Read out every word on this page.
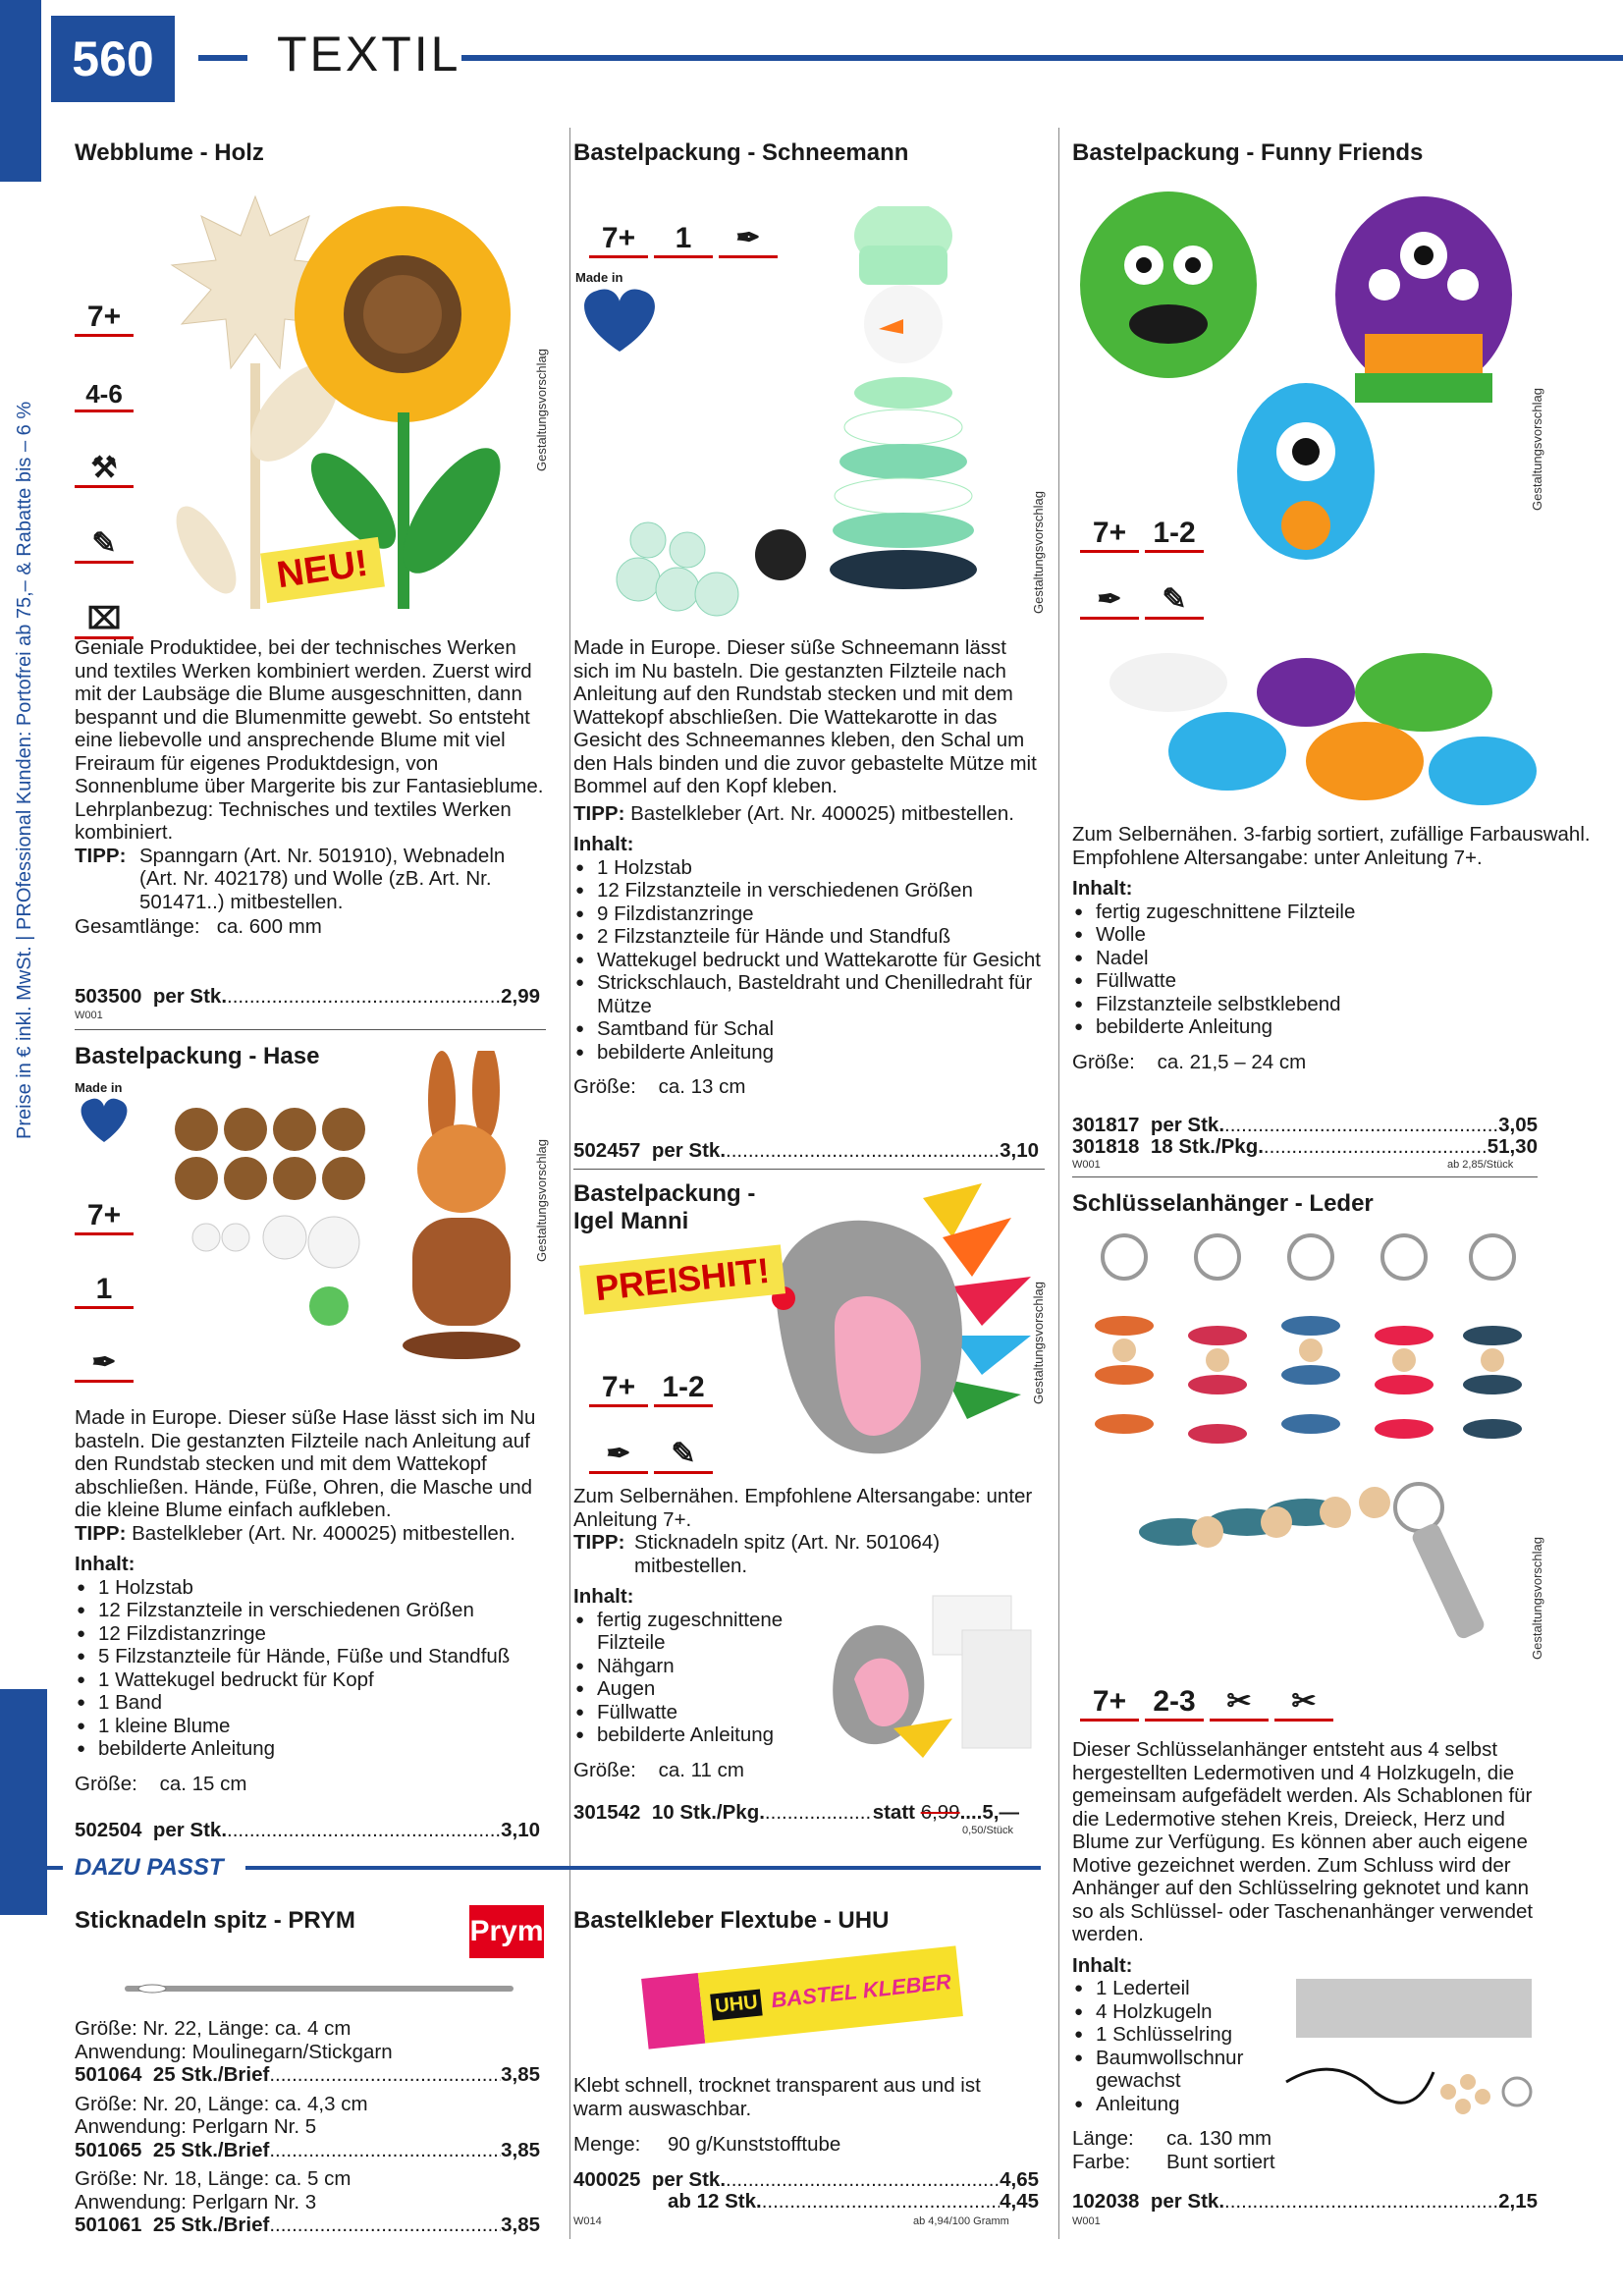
560	TEXTIL
Preise in € inkl. MwSt. | PROfessional Kunden: Portofrei ab 75,– & Rabatte bis – 6 %
Webblume - Holz
7+
4-6
⚒
✎
⌧
NEU!
Gestaltungsvorschlag

Geniale Produktidee, bei der technisches Werken und textiles Werken kombiniert werden. Zuerst wird mit der Laubsäge die Blume ausgeschnitten, dann bespannt und die Blumenmitte gewebt. So entsteht eine liebevolle und ansprechende Blume mit viel Freiraum für eigenes Produktdesign, von Sonnenblume über Margerite bis zur Fantasieblume.

Lehrplanbezug: Technisches und textiles Werken kombiniert.

TIPP: Spanngarn (Art. Nr. 501910), Webnadeln (Art. Nr. 402178) und Wolle (zB. Art. Nr. 501471..) mitbestellen.
Gesamtlänge: ca. 600 mm
503500
per Stk. .....	2,99
W001
Bastelpackung - Hase
Made in
7+
1
✒
Gestaltungsvorschlag

Made in Europe. Dieser süße Hase lässt sich im Nu basteln. Die gestanzten Filzteile nach Anleitung auf den Rundstab stecken und mit dem Wattekopf abschließen. Hände, Füße, Ohren, die Masche und die kleine Blume einfach aufkleben.

TIPP: Bastelkleber (Art. Nr. 400025) mitbestellen.
Inhalt:
● 1 Holzstab
● 12 Filzstanzteile in verschiedenen Größen
● 12 Filzdistanzringe
● 5 Filzstanzteile für Hände, Füße und Standfuß
● 1 Wattekugel bedruckt für Kopf
● 1 Band
● 1 kleine Blume
● bebilderte Anleitung
Größe: ca. 15 cm
502504
per Stk. .....	3,10
DAZU PASST
Sticknadeln spitz - PRYM	Prym
Größe: Nr. 22, Länge: ca. 4 cm
Anwendung: Moulinegarn/Stickgarn
501064
25 Stk./Brief .....	3,85
Größe: Nr. 20, Länge: ca. 4,3 cm
Anwendung: Perlgarn Nr. 5
501065
25 Stk./Brief .....	3,85
Größe: Nr. 18, Länge: ca. 5 cm
Anwendung: Perlgarn Nr. 3
501061
25 Stk./Brief .....	3,85
Bastelpackung - Schneemann
7+ 1	✒
Made in
Gestaltungsvorschlag

Made in Europe. Dieser süße Schneemann lässt sich im Nu basteln. Die gestanzten Filzteile nach Anleitung auf den Rundstab stecken und mit dem Wattekopf abschließen. Die Wattekarotte in das Gesicht des Schneemannes kleben, den Schal um den Hals binden und die zuvor gebastelte Mütze mit Bommel auf den Kopf kleben.

TIPP: Bastelkleber (Art. Nr. 400025) mitbestellen.
Inhalt:
● 1 Holzstab
● 12 Filzstanzteile in verschiedenen Größen
● 9 Filzdistanzringe
● 2 Filzstanzteile für Hände und Standfuß
● Wattekugel bedruckt und Wattekarotte für Gesicht
● Strickschlauch, Basteldraht und Chenilledraht für Mütze
● Samtband für Schal
● bebilderte Anleitung
Größe: ca. 13 cm
502457
per Stk. .....	3,10
Bastelpackung - Igel Manni
PREISHIT!
7+ 1-2
✒	✎
Gestaltungsvorschlag

Zum Selbernähen. Empfohlene Altersangabe: unter Anleitung 7+.

TIPP: Sticknadeln spitz (Art. Nr. 501064) mitbestellen.
Inhalt:
● fertig zugeschnittene Filzteile
● Nähgarn
● Augen
● Füllwatte
● bebilderte Anleitung
Größe: ca. 11 cm
301542
10 Stk./Pkg. .....	statt
6,99 .... 5,—
0,50/Stück
Bastelpackung - Funny Friends
7+ 1-2
✒	✎
Gestaltungsvorschlag

Zum Selbernähen. 3-farbig sortiert, zufällige Farbauswahl. Empfohlene Altersangabe: unter Anleitung 7+.

Inhalt:
● fertig zugeschnittene Filzteile
● Wolle
● Nadel
● Füllwatte
● Filzstanzteile selbstklebend
● bebilderte Anleitung
Größe: ca. 21,5 – 24 cm
301817
per Stk. .....	3,05
301818
18 Stk./Pkg. .....	51,30
W001	ab 2,85/Stück
Schlüsselanhänger - Leder
7+ 2-3	✂	✂
Gestaltungsvorschlag

Dieser Schlüsselanhänger entsteht aus 4 selbst hergestellten Ledermotiven und 4 Holzkugeln, die gemeinsam aufgefädelt werden. Als Schablonen für die Ledermotive stehen Kreis, Dreieck, Herz und Blume zur Verfügung. Es können aber auch eigene Motive gezeichnet werden. Zum Schluss wird der Anhänger auf den Schlüsselring geknotet und kann so als Schlüssel- oder Taschenanhänger verwendet werden.

Inhalt:
● 1 Lederteil
● 4 Holzkugeln
● 1 Schlüsselring
● Baumwollschnur gewachst
● Anleitung
Länge: ca. 130 mm
Farbe: Bunt sortiert
102038
per Stk. .....	2,15
W001
Bastelkleber Flextube - UHU
UHU BASTEL KLEBER
Klebt schnell, trocknet transparent aus und ist warm auswaschbar.
Menge: 90 g/Kunststofftube
400025
per Stk. .....	4,65
ab 12 Stk. .....	4,45
W014	ab 4,94/100 Gramm
